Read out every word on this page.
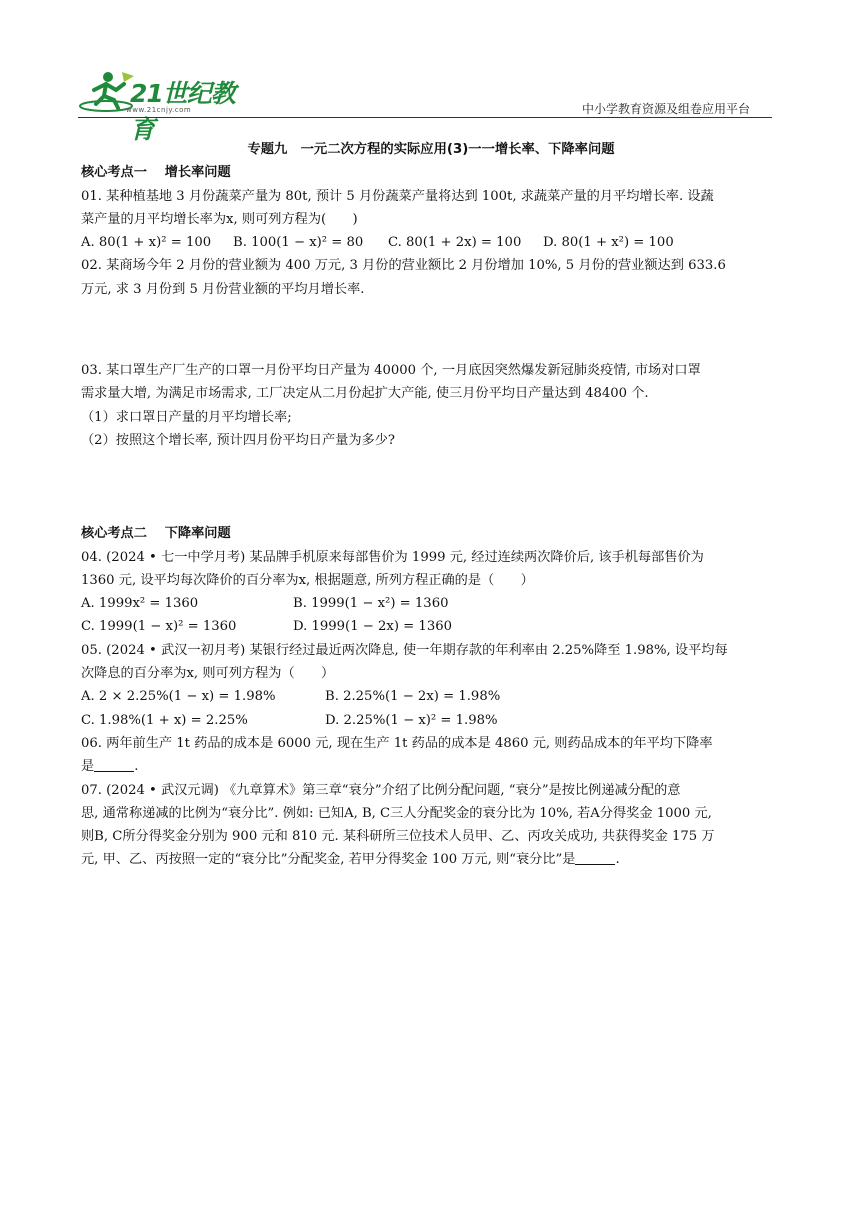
21世纪教育
www.21cnjy.com	中小学教育资源及组卷应用平台

专题九　一元二次方程的实际应用(3)一一增长率、下降率问题

核心考点一　 增长率问题

01. 某种植基地 3 月份蔬菜产量为 80t, 预计 5 月份蔬菜产量将达到 100t, 求蔬菜产量的月平均增长率. 设蔬

菜产量的月平均增长率为x, 则可列方程为(　　)

A. 80(1 + x)² = 100	B. 100(1 − x)² = 80	C. 80(1 + 2x) = 100	D. 80(1 + x²) = 100

02. 某商场今年 2 月份的营业额为 400 万元, 3 月份的营业额比 2 月份增加 10%, 5 月份的营业额达到 633.6

万元, 求 3 月份到 5 月份营业额的平均月增长率.

03. 某口罩生产厂生产的口罩一月份平均日产量为 40000 个, 一月底因突然爆发新冠肺炎疫情, 市场对口罩

需求量大增, 为满足市场需求, 工厂决定从二月份起扩大产能, 使三月份平均日产量达到 48400 个.

（1）求口罩日产量的月平均增长率;

（2）按照这个增长率, 预计四月份平均日产量为多少?

核心考点二　 下降率问题

04. (2024 • 七一中学月考) 某品牌手机原来每部售价为 1999 元, 经过连续两次降价后, 该手机每部售价为

1360 元, 设平均每次降价的百分率为x, 根据题意, 所列方程正确的是（　　）

A. 1999x² = 1360	B. 1999(1 − x²) = 1360
C. 1999(1 − x)² = 1360	D. 1999(1 − 2x) = 1360

05. (2024 • 武汉一初月考) 某银行经过最近两次降息, 使一年期存款的年利率由 2.25%降至 1.98%, 设平均每

次降息的百分率为x, 则可列方程为（　　）

A. 2 × 2.25%(1 − x) = 1.98%	B. 2.25%(1 − 2x) = 1.98%
C. 1.98%(1 + x) = 2.25%	D. 2.25%(1 − x)² = 1.98%

06. 两年前生产 1t 药品的成本是 6000 元, 现在生产 1t 药品的成本是 4860 元, 则药品成本的年平均下降率

是	.

07. (2024 • 武汉元调) 《九章算术》第三章“衰分”介绍了比例分配问题, “衰分”是按比例递减分配的意

思, 通常称递减的比例为“衰分比”. 例如: 已知A, B, C三人分配奖金的衰分比为 10%, 若A分得奖金 1000 元,

则B, C所分得奖金分别为 900 元和 810 元. 某科研所三位技术人员甲、乙、丙攻关成功, 共获得奖金 175 万

元, 甲、乙、丙按照一定的“衰分比”分配奖金, 若甲分得奖金 100 万元, 则“衰分比”是	.
